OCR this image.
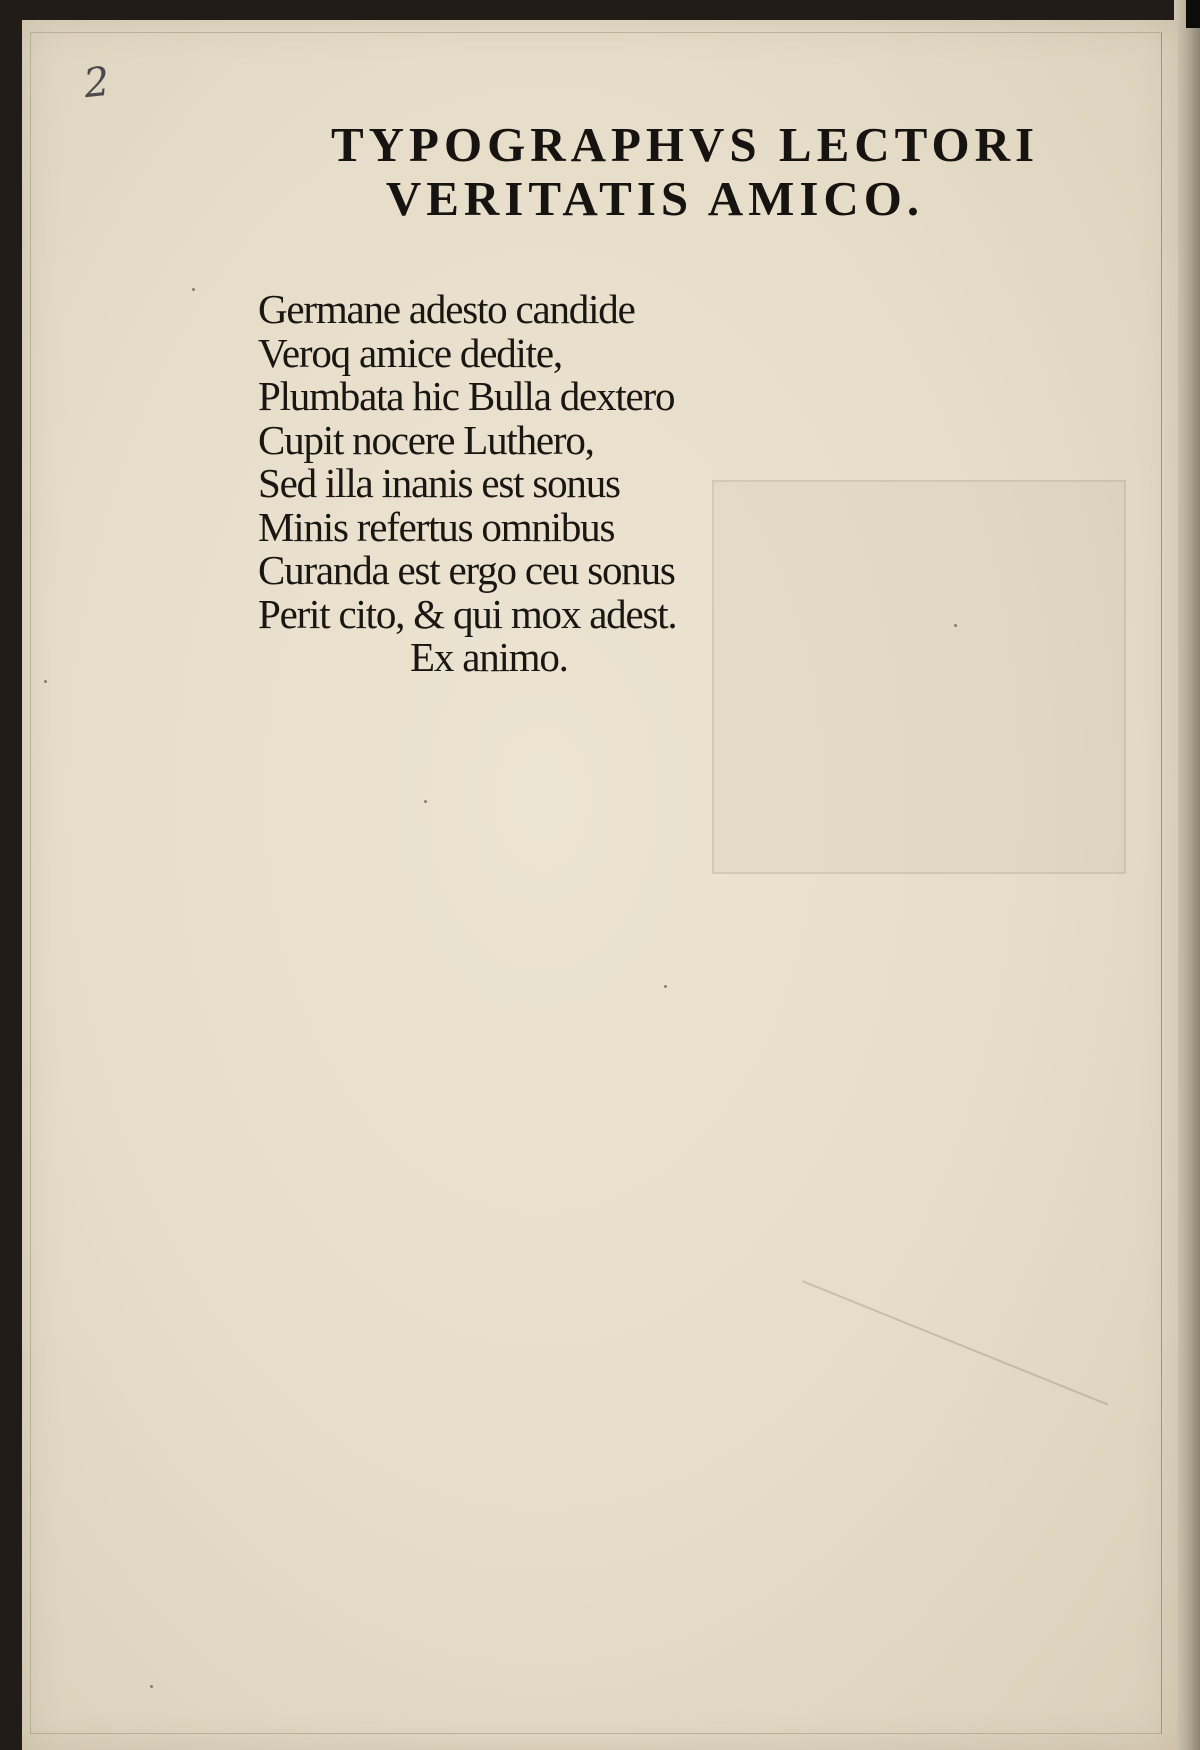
2
TYPOGRAPHVS LECTORI
VERITATIS AMICO.
Germane adesto candide
Veroq amice dedite,
Plumbata hic Bulla dextero
Cupit nocere Luthero,
Sed illa inanis est sonus
Minis refertus omnibus
Curanda est ergo ceu sonus
Perit cito, & qui mox adest.
Ex animo.
